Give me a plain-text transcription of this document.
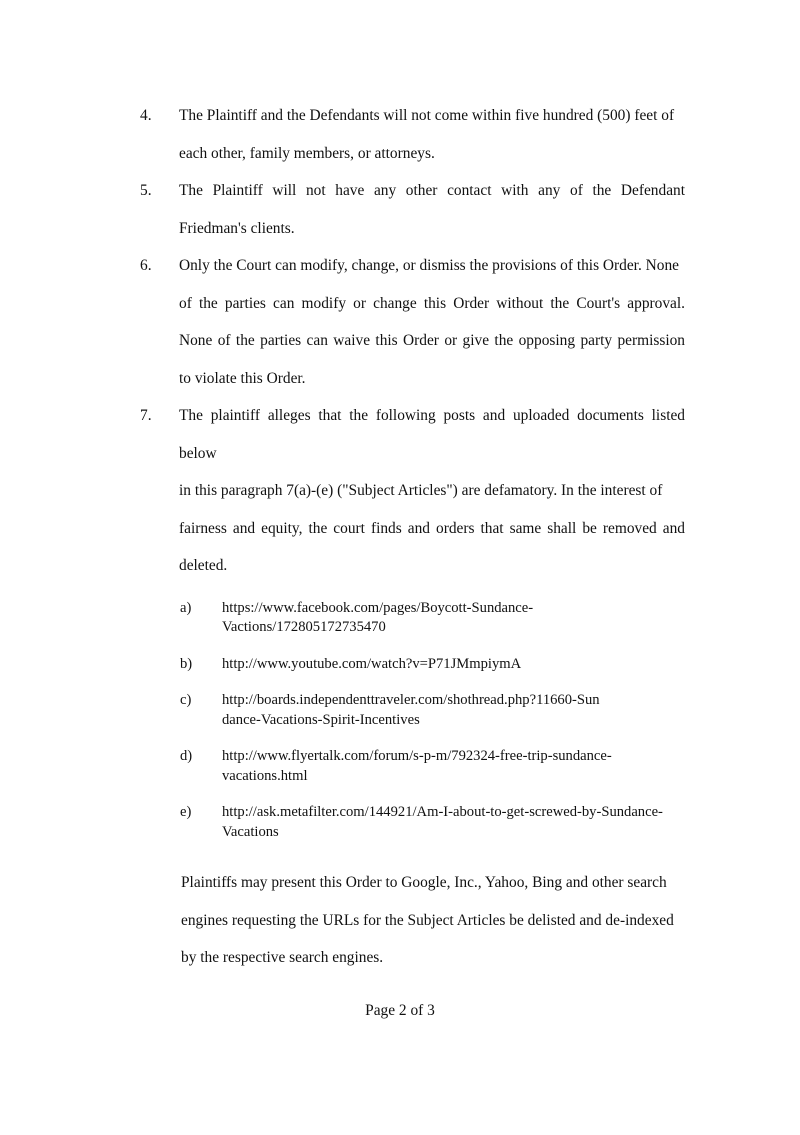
4.	The Plaintiff and the Defendants will not come within five hundred (500) feet of
each other, family members, or attorneys.
5.	The Plaintiff will not have any other contact with any of the Defendant
Friedman's clients.
6.	Only the Court can modify, change, or dismiss the provisions of this Order. None
of the parties can modify or change this Order without the Court's approval.
None of the parties can waive this Order or give the opposing party permission
to violate this Order.
7.	The plaintiff alleges that the following posts and uploaded documents listed below
in this paragraph 7(a)-(e) ("Subject Articles") are defamatory. In the interest of
fairness and equity, the court finds and orders that same shall be removed and
deleted.
a)	https://www.facebook.com/pages/Boycott-Sundance-
Vactions/172805172735470
b)	http://www.youtube.com/watch?v=P71JMmpiymA
c)	http://boards.independenttraveler.com/shothread.php?11660-Sun
dance-Vacations-Spirit-Incentives
d)	http://www.flyertalk.com/forum/s-p-m/792324-free-trip-sundance-
vacations.html
e)	http://ask.metafilter.com/144921/Am-I-about-to-get-screwed-by-Sundance-
Vacations
Plaintiffs may present this Order to Google, Inc., Yahoo, Bing and other search
engines requesting the URLs for the Subject Articles be delisted and de-indexed
by the respective search engines.
Page 2 of 3
